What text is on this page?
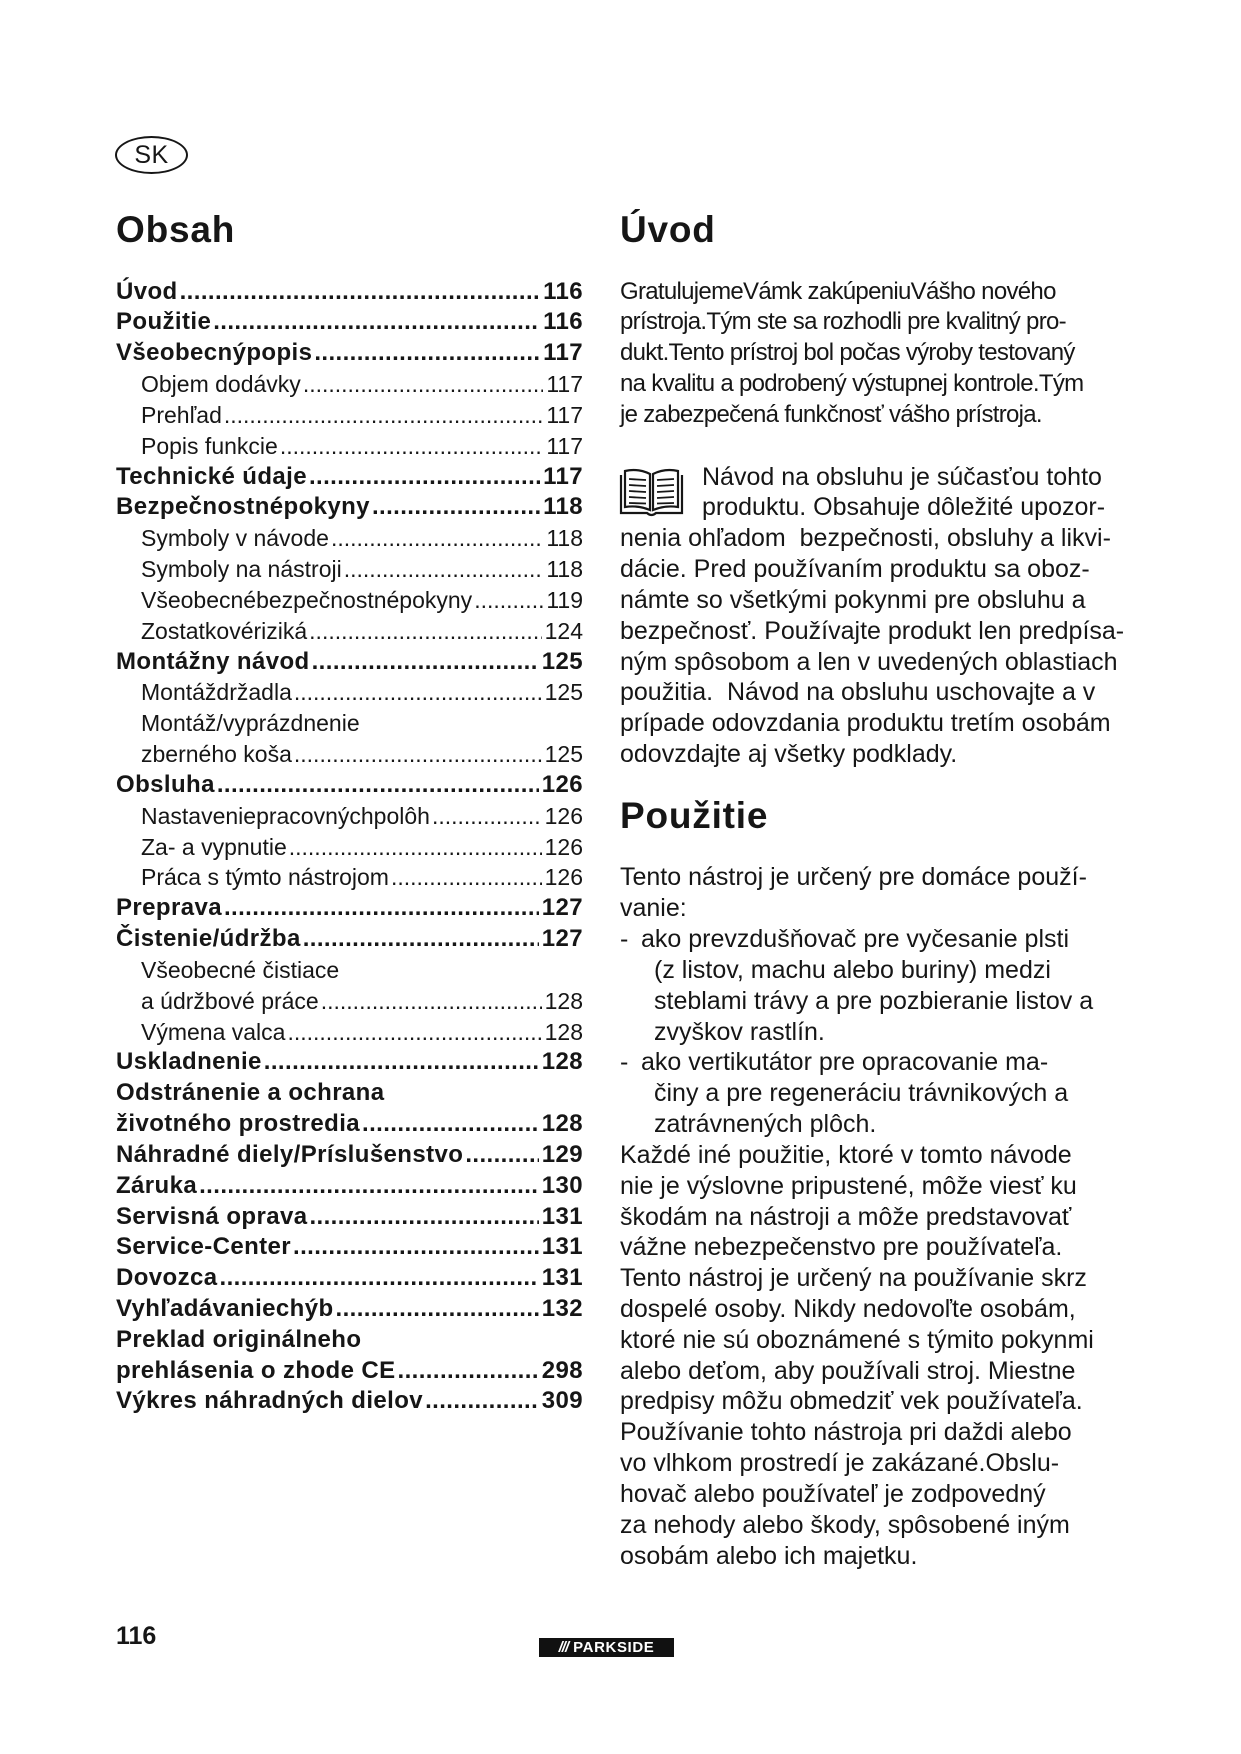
SK
Obsah
Úvod .....	116
Použitie .....	116
Všeobecnýpopis .....	117
Objem dodávky .....	117
Prehľad .....	117
Popis funkcie .....	117
Technické údaje .....	117
Bezpečnostnépokyny .....	118
Symboly v návode .....	118
Symboly na nástroji .....	118
Všeobecnébezpečnostnépokyny .....	119
Zostatkovériziká .....	124
Montážny návod .....	125
Montáždržadla .....	125
Montáž/vyprázdnenie
zberného koša .....	125
Obsluha .....	126
Nastaveniepracovnýchpolôh .....	126
Za- a vypnutie .....	126
Práca s týmto nástrojom .....	126
Preprava .....	127
Čistenie/údržba .....	127
Všeobecné čistiace
a údržbové práce .....	128
Výmena valca .....	128
Uskladnenie .....	128
Odstránenie a ochrana
životného prostredia .....	128
Náhradné diely/Príslušenstvo .....	129
Záruka .....	130
Servisná oprava .....	131
Service-Center .....	131
Dovozca .....	131
Vyhľadávaniechýb .....	132
Preklad originálneho
prehlásenia o zhode CE .....	298
Výkres náhradných dielov .....	309
Úvod
GratulujemeVámk zakúpeniuVášho nového
prístroja.Tým ste sa rozhodli pre kvalitný pro-
dukt.Tento prístroj bol počas výroby testovaný
na kvalitu a podrobený výstupnej kontrole.Tým
je zabezpečená funkčnosť vášho prístroja.
Návod na obsluhu je súčasťou tohto
produktu. Obsahuje dôležité upozor-
nenia ohľadom  bezpečnosti, obsluhy a likvi-
dácie. Pred používaním produktu sa oboz-
námte so všetkými pokynmi pre obsluhu a
bezpečnosť. Používajte produkt len predpísa-
ným spôsobom a len v uvedených oblastiach
použitia.  Návod na obsluhu uschovajte a v
prípade odovzdania produktu tretím osobám
odovzdajte aj všetky podklady.
Použitie
Tento nástroj je určený pre domáce použí-
vanie:
- ako prevzdušňovač pre vyčesanie plsti
(z listov, machu alebo buriny) medzi
steblami trávy a pre pozbieranie listov a
zvyškov rastlín.
- ako vertikutátor pre opracovanie ma-
činy a pre regeneráciu trávnikových a
zatrávnených plôch.
Každé iné použitie, ktoré v tomto návode
nie je výslovne pripustené, môže viesť ku
škodám na nástroji a môže predstavovať
vážne nebezpečenstvo pre používateľa.
Tento nástroj je určený na používanie skrz
dospelé osoby. Nikdy nedovoľte osobám,
ktoré nie sú oboznámené s týmito pokynmi
alebo deťom, aby používali stroj. Miestne
predpisy môžu obmedziť vek používateľa.
Používanie tohto nástroja pri daždi alebo
vo vlhkom prostredí je zakázané.Obslu-
hovač alebo používateľ je zodpovedný
za nehody alebo škody, spôsobené iným
osobám alebo ich majetku.
116	/// PARKSIDE
